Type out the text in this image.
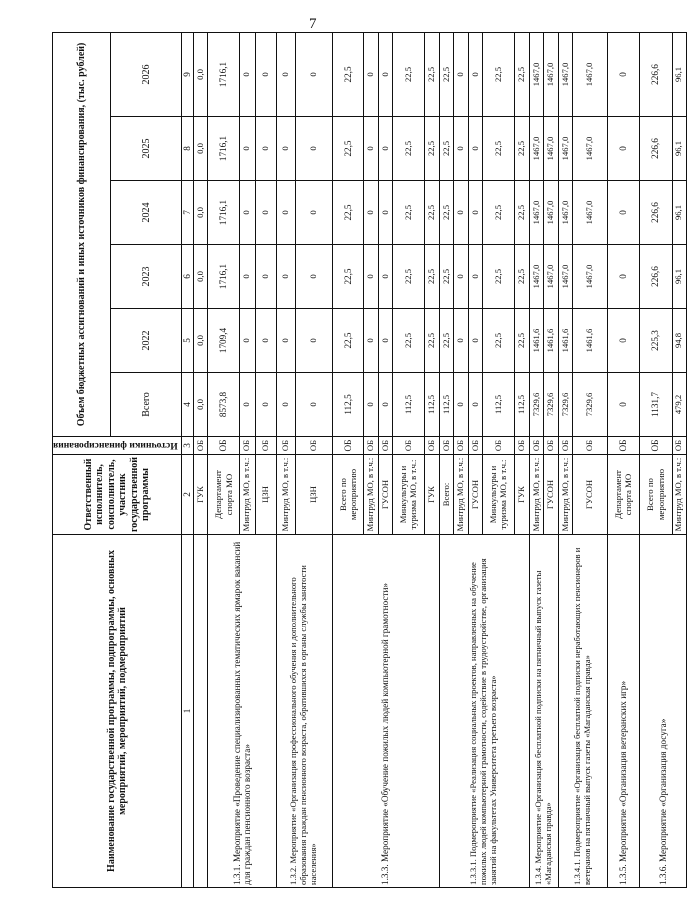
7
Наименование государственной программы, подпрограммы, основных мероприятий, мероприятий, подмероприятий	Ответственный исполнитель, соисполнитель, участник государственной программы	Источники финансирования	Объем бюджетных ассигнований и иных источников финансирования, (тыс. рублей)					
			Всего	2022	2023	2024	2025	2026
1	2	3	4	5	6	7	8	9
	ГУК	ОБ	0,0	0,0	0,0	0,0	0,0	0,0
1.3.1. Мероприятие «Проведение специализированных тематических ярмарок вакансий для граждан пенсионного возраста»	Департамент спорта МО	ОБ	8573,8	1709,4	1716,1	1716,1	1716,1	1716,1
	Минтруд МО, в т.ч.:	ОБ	0	0	0	0	0	0
	ЦЗН	ОБ	0	0	0	0	0	0
1.3.2. Мероприятие «Организация профессионального обучения и дополнительного образования граждан пенсионного возраста, обратившихся в органы службы занятости населения»	Минтруд МО, в т.ч.:	ОБ	0	0	0	0	0	0
	ЦЗН	ОБ	0	0	0	0	0	0
1.3.3. Мероприятие «Обучение пожилых людей компьютерной грамотности»	Всего по мероприятию	ОБ	112,5	22,5	22,5	22,5	22,5	22,5
	Минтруд МО, в т.ч.:	ОБ	0	0	0	0	0	0
	ГУСОН	ОБ	0	0	0	0	0	0
	Минкультуры и туризма МО, в т.ч.:	ОБ	112,5	22,5	22,5	22,5	22,5	22,5
	ГУК	ОБ	112,5	22,5	22,5	22,5	22,5	22,5
1.3.3.1. Подмероприятие «Реализация социальных проектов, направленных на обучение пожилых людей компьютерной грамотности, содействие в трудоустройстве, организация занятий на факультетах Университета третьего возраста»	Всего:	ОБ	112,5	22,5	22,5	22,5	22,5	22,5
	Минтруд МО, в т.ч.:	ОБ	0	0	0	0	0	0
	ГУСОН	ОБ	0	0	0	0	0	0
	Минкультуры и туризма МО, в т.ч.:	ОБ	112,5	22,5	22,5	22,5	22,5	22,5
	ГУК	ОБ	112,5	22,5	22,5	22,5	22,5	22,5
1.3.4. Мероприятие «Организация бесплатной подписки на пятничный выпуск газеты «Магаданская правда»	Минтруд МО, в т.ч.:	ОБ	7329,6	1461,6	1467,0	1467,0	1467,0	1467,0
	ГУСОН	ОБ	7329,6	1461,6	1467,0	1467,0	1467,0	1467,0
1.3.4.1. Подмероприятие «Организация бесплатной подписки неработающих пенсионеров и ветеранов на пятничный выпуск газеты «Магаданская правда»	Минтруд МО, в т.ч.:	ОБ	7329,6	1461,6	1467,0	1467,0	1467,0	1467,0
	ГУСОН	ОБ	7329,6	1461,6	1467,0	1467,0	1467,0	1467,0
1.3.5. Мероприятие «Организация ветеранских игр»	Департамент спорта МО	ОБ	0	0	0	0	0	0
1.3.6. Мероприятие «Организация досуга»	Всего по мероприятию	ОБ	1131,7	225,3	226,6	226,6	226,6	226,6
	Минтруд МО, в т.ч.:	ОБ	479,2	94,8	96,1	96,1	96,1	96,1
